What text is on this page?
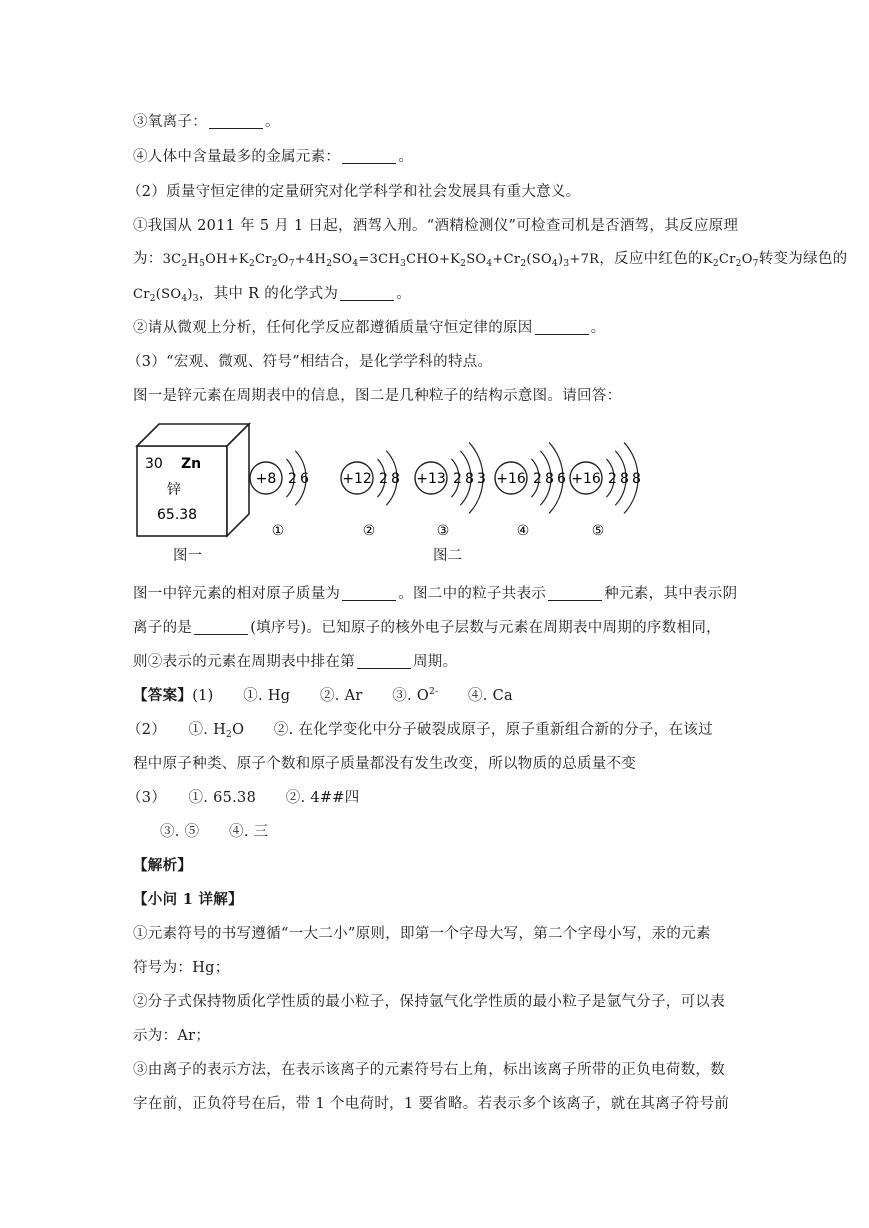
③氧离子：	。
④人体中含量最多的金属元素：	。
（2）质量守恒定律的定量研究对化学科学和社会发展具有重大意义。
①我国从 2011 年 5 月 1 日起，酒驾入刑。“酒精检测仪”可检查司机是否酒驾，其反应原理
为：$3C_2H_5OH+K_2Cr_2O_7+4H_2SO_4=3CH_3CHO+K_2SO_4+Cr_2(SO_4)_3+7R$，反应中红色的$K_2Cr_2O_7$转变为绿色的
$Cr_2(SO_4)_3$，其中 R 的化学式为	。
②请从微观上分析，任何化学反应都遵循质量守恒定律的原因	。
（3）“宏观、微观、符号”相结合，是化学学科的特点。
图一是锌元素在周期表中的信息，图二是几种粒子的结构示意图。请回答：
30 Zn
锌
65.38
+8 2 6
①
+12 2 8
②
+13 2 8 3
③
+16 2 8 6
④
+16 2 8 8
⑤
图一	图二
图一中锌元素的相对原子质量为	。图二中的粒子共表示	种元素，其中表示阴
离子的是	(填序号)。已知原子的核外电子层数与元素在周期表中周期的序数相同，
则②表示的元素在周期表中排在第	周期。
【答案】(1)　　①. Hg　　②. Ar　　③. $O^{2-}$　　④. Ca
（2）　　①. $H_2O$　　②. 在化学变化中分子破裂成原子，原子重新组合新的分子，在该过
程中原子种类、原子个数和原子质量都没有发生改变，所以物质的总质量不变
（3）　　①. 65.38　　②. 4##四
③. ⑤　　④. 三
【解析】
【小问 1 详解】
①元素符号的书写遵循“一大二小”原则，即第一个字母大写，第二个字母小写，汞的元素
符号为：Hg；
②分子式保持物质化学性质的最小粒子，保持氩气化学性质的最小粒子是氩气分子，可以表
示为：Ar；
③由离子的表示方法，在表示该离子的元素符号右上角，标出该离子所带的正负电荷数，数
字在前，正负符号在后，带 1 个电荷时，1 要省略。若表示多个该离子，就在其离子符号前
